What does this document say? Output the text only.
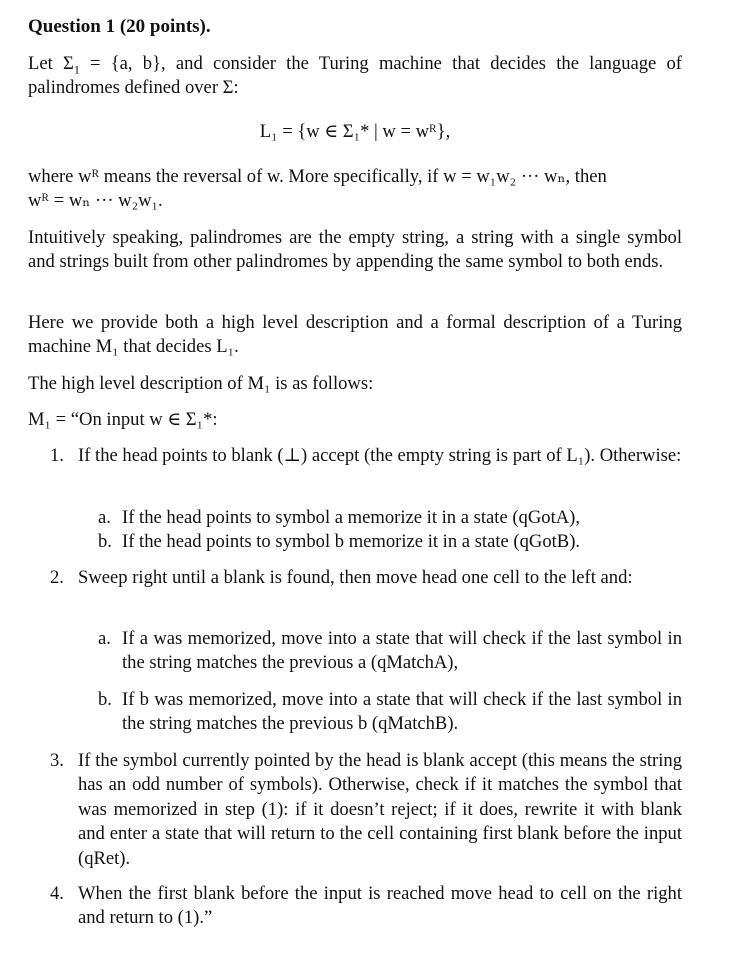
Question 1 (20 points).
Let $\Sigma_1 = \{a$, b}, and consider the Turing machine that decides the language of palindromes defined over Σ:
L₁ = {w ∈ Σ₁* | w = wᴿ},
where wᴿ means the reversal of w. More specifically, if w = w₁w₂ ··· wₙ, then
wᴿ = wₙ ··· w₂w₁.
Intuitively speaking, palindromes are the empty string, a string with a single symbol and strings built from other palindromes by appending the same symbol to both ends.
Here we provide both a high level description and a formal description of a Turing machine M₁ that decides L₁.
The high level description of M₁ is as follows:
M₁ = “On input w ∈ Σ₁*:
1. If the head points to blank (⊥) accept (the empty string is part of L₁). Otherwise:
a. If the head points to symbol a memorize it in a state (qGotA),
b. If the head points to symbol b memorize it in a state (qGotB).
2. Sweep right until a blank is found, then move head one cell to the left and:
a. If a was memorized, move into a state that will check if the last symbol in the string matches the previous a (qMatchA),
b. If b was memorized, move into a state that will check if the last symbol in the string matches the previous b (qMatchB).
3. If the symbol currently pointed by the head is blank accept (this means the string has an odd number of symbols). Otherwise, check if it matches the symbol that was memorized in step (1): if it doesn’t reject; if it does, rewrite it with blank and enter a state that will return to the cell containing first blank before the input (qRet).
4. When the first blank before the input is reached move head to cell on the right and return to (1).”
